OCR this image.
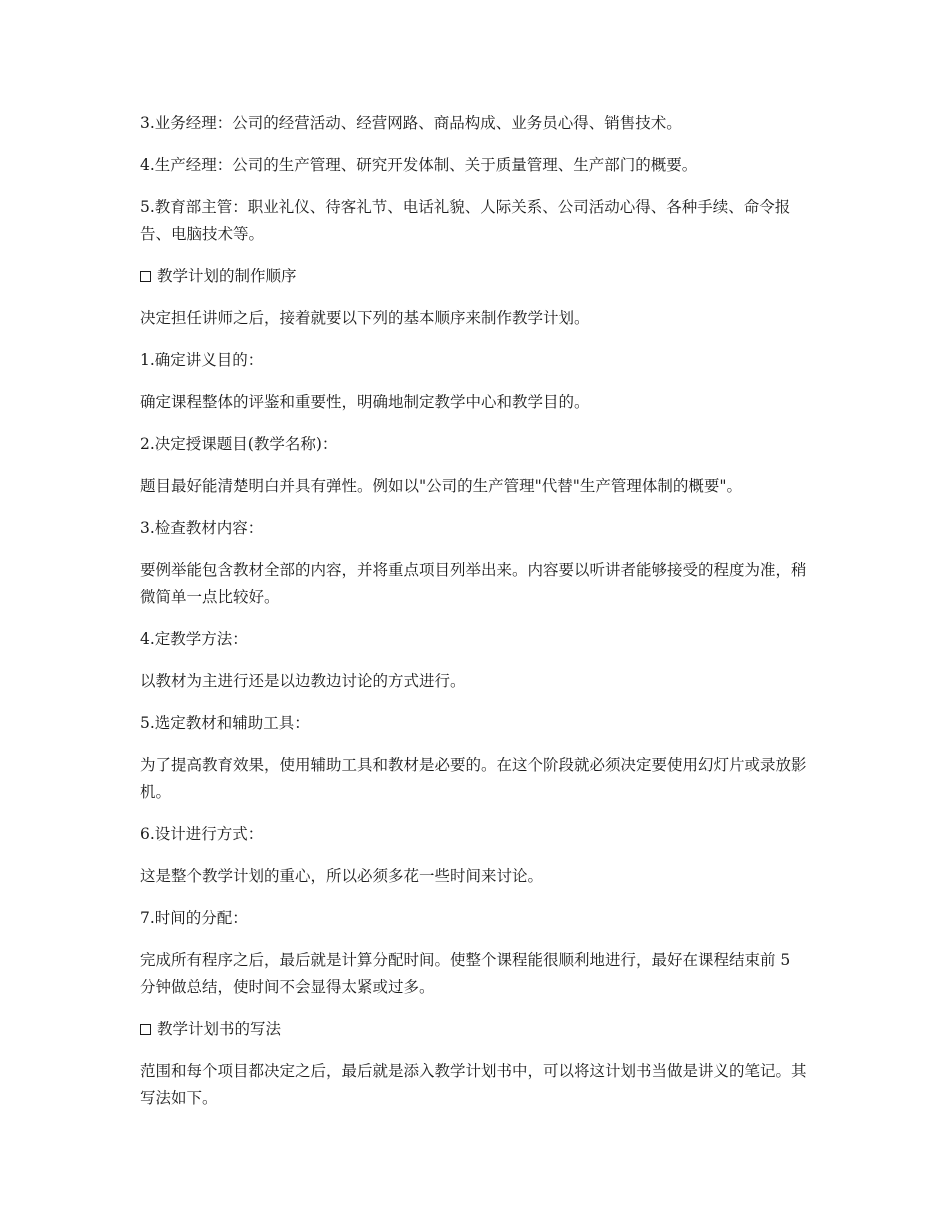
3.业务经理：公司的经营活动、经营网路、商品构成、业务员心得、销售技术。

4.生产经理：公司的生产管理、研究开发体制、关于质量管理、生产部门的概要。

5.教育部主管：职业礼仪、待客礼节、电话礼貌、人际关系、公司活动心得、各种手续、命令报告、电脑技术等。

教学计划的制作顺序

决定担任讲师之后，接着就要以下列的基本顺序来制作教学计划。

1.确定讲义目的：

确定课程整体的评鉴和重要性，明确地制定教学中心和教学目的。

2.决定授课题目(教学名称)：

题目最好能清楚明白并具有弹性。例如以"公司的生产管理"代替"生产管理体制的概要"。

3.检查教材内容：

要例举能包含教材全部的内容，并将重点项目列举出来。内容要以听讲者能够接受的程度为准，稍微简单一点比较好。

4.定教学方法：

以教材为主进行还是以边教边讨论的方式进行。

5.选定教材和辅助工具：

为了提高教育效果，使用辅助工具和教材是必要的。在这个阶段就必须决定要使用幻灯片或录放影机。

6.设计进行方式：

这是整个教学计划的重心，所以必须多花一些时间来讨论。

7.时间的分配：

完成所有程序之后，最后就是计算分配时间。使整个课程能很顺利地进行，最好在课程结束前 5 分钟做总结，使时间不会显得太紧或过多。

教学计划书的写法

范围和每个项目都决定之后，最后就是添入教学计划书中，可以将这计划书当做是讲义的笔记。其写法如下。
